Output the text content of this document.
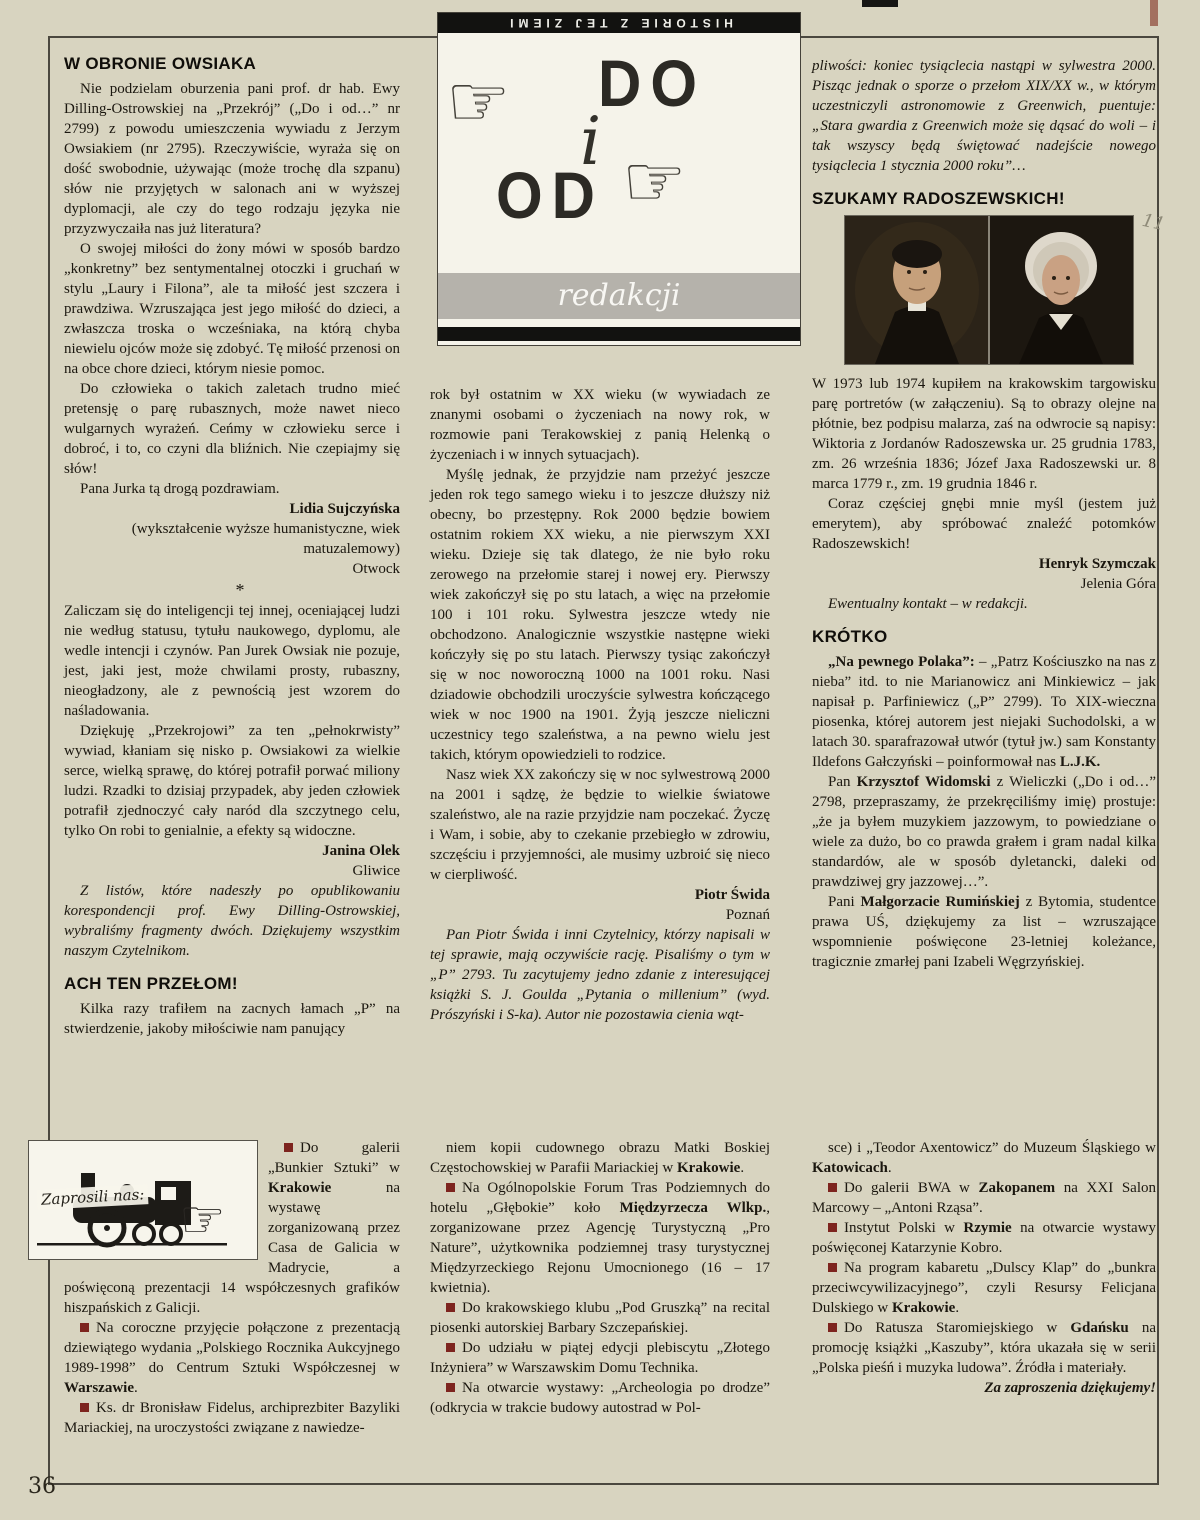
11
HISTORIE Z TEJ ZIEMI
☞ DO
i
OD ☞
redakcji
W OBRONIE OWSIAKA

Nie podzielam oburzenia pani prof. dr hab. Ewy Dilling-Ostrowskiej na „Przekrój” („Do i od…” nr 2799) z powodu umieszczenia wywiadu z Jerzym Owsiakiem (nr 2795). Rzeczywiście, wyraża się on dość swobodnie, używając (może trochę dla szpanu) słów nie przyjętych w salonach ani w wyższej dyplomacji, ale czy do tego rodzaju języka nie przyzwyczaiła nas już literatura?

O swojej miłości do żony mówi w sposób bardzo „konkretny” bez sentymentalnej otoczki i gruchań w stylu „Laury i Filona”, ale ta miłość jest szczera i prawdziwa. Wzruszająca jest jego miłość do dzieci, a zwłaszcza troska o wcześniaka, na którą chyba niewielu ojców może się zdobyć. Tę miłość przenosi on na obce chore dzieci, którym niesie pomoc.

Do człowieka o takich zaletach trudno mieć pretensję o parę rubasznych, może nawet nieco wulgarnych wyrażeń. Ceńmy w człowieku serce i dobroć, i to, co czyni dla bliźnich. Nie czepiajmy się słów!

Pana Jurka tą drogą pozdrawiam.

Lidia Sujczyńska

(wykształcenie wyższe humanistyczne, wiek matuzalemowy)

Otwock

*

Zaliczam się do inteligencji tej innej, oceniającej ludzi nie według statusu, tytułu naukowego, dyplomu, ale wedle intencji i czynów. Pan Jurek Owsiak nie pozuje, jest, jaki jest, może chwilami prosty, rubaszny, nieogładzony, ale z pewnością jest wzorem do naśladowania.

Dziękuję „Przekrojowi” za ten „pełnokrwisty” wywiad, kłaniam się nisko p. Owsiakowi za wielkie serce, wielką sprawę, do której potrafił porwać miliony ludzi. Rzadki to dzisiaj przypadek, aby jeden człowiek potrafił zjednoczyć cały naród dla szczytnego celu, tylko On robi to genialnie, a efekty są widoczne.

Janina Olek

Gliwice

Z listów, które nadeszły po opublikowaniu korespondencji prof. Ewy Dilling-Ostrowskiej, wybraliśmy fragmenty dwóch. Dziękujemy wszystkim naszym Czytelnikom.

ACH TEN PRZEŁOM!

Kilka razy trafiłem na zacnych łamach „P” na stwierdzenie, jakoby miłościwie nam panujący

rok był ostatnim w XX wieku (w wywiadach ze znanymi osobami o życzeniach na nowy rok, w rozmowie pani Terakowskiej z panią Helenką o życzeniach i w innych sytuacjach).

Myślę jednak, że przyjdzie nam przeżyć jeszcze jeden rok tego samego wieku i to jeszcze dłuższy niż obecny, bo przestępny. Rok 2000 będzie bowiem ostatnim rokiem XX wieku, a nie pierwszym XXI wieku. Dzieje się tak dlatego, że nie było roku zerowego na przełomie starej i nowej ery. Pierwszy wiek zakończył się po stu latach, a więc na przełomie 100 i 101 roku. Sylwestra jeszcze wtedy nie obchodzono. Analogicznie wszystkie następne wieki kończyły się po stu latach. Pierwszy tysiąc zakończył się w noc noworoczną 1000 na 1001 roku. Nasi dziadowie obchodzili uroczyście sylwestra kończącego wiek w noc 1900 na 1901. Żyją jeszcze nieliczni uczestnicy tego szaleństwa, a na pewno wielu jest takich, którym opowiedzieli to rodzice.

Nasz wiek XX zakończy się w noc sylwestrową 2000 na 2001 i sądzę, że będzie to wielkie światowe szaleństwo, ale na razie przyjdzie nam poczekać. Życzę i Wam, i sobie, aby to czekanie przebiegło w zdrowiu, szczęściu i przyjemności, ale musimy uzbroić się nieco w cierpliwość.

Piotr Świda

Poznań

Pan Piotr Świda i inni Czytelnicy, którzy napisali w tej sprawie, mają oczywiście rację. Pisaliśmy o tym w „P” 2793. Tu zacytujemy jedno zdanie z interesującej książki S. J. Goulda „Pytania o millenium” (wyd. Prószyński i S-ka). Autor nie pozostawia cienia wąt-

pliwości: koniec tysiąclecia nastąpi w sylwestra 2000. Pisząc jednak o sporze o przełom XIX/XX w., w którym uczestniczyli astronomowie z Greenwich, puentuje: „Stara gwardia z Greenwich może się dąsać do woli – i tak wszyscy będą świętować nadejście nowego tysiąclecia 1 stycznia 2000 roku”…

SZUKAMY RADOSZEWSKICH!

W 1973 lub 1974 kupiłem na krakowskim targowisku parę portretów (w załączeniu). Są to obrazy olejne na płótnie, bez podpisu malarza, zaś na odwrocie są napisy: Wiktoria z Jordanów Radoszewska ur. 25 grudnia 1783, zm. 26 września 1836; Józef Jaxa Radoszewski ur. 8 marca 1779 r., zm. 19 grudnia 1846 r.

Coraz częściej gnębi mnie myśl (jestem już emerytem), aby spróbować znaleźć potomków Radoszewskich!

Henryk Szymczak

Jelenia Góra

Ewentualny kontakt – w redakcji.

KRÓTKO

„Na pewnego Polaka”: – „Patrz Kościuszko na nas z nieba” itd. to nie Marianowicz ani Minkiewicz – jak napisał p. Parfiniewicz („P” 2799). To XIX-wieczna piosenka, której autorem jest niejaki Suchodolski, a w latach 30. sparafrazował utwór (tytuł jw.) sam Konstanty Ildefons Gałczyński – poinformował nas L.J.K.

Pan Krzysztof Widomski z Wieliczki („Do i od…” 2798, przepraszamy, że przekręciliśmy imię) prostuje: „że ja byłem muzykiem jazzowym, to powiedziane o wiele za dużo, bo co prawda grałem i gram nadal kilka standardów, ale w sposób dyletancki, daleki od prawdziwej gry jazzowej…”.

Pani Małgorzacie Rumińskiej z Bytomia, studentce prawa UŚ, dziękujemy za list – wzruszające wspomnienie poświęcone 23-letniej koleżance, tragicznie zmarłej pani Izabeli Węgrzyńskiej.

☞
Zaprosili nas:

Do galerii „Bunkier Sztuki” w Krakowie na wystawę zorganizowaną przez Casa de Galicia w Madrycie, a poświęconą prezentacji 14 współczesnych grafików hiszpańskich z Galicji.

Na coroczne przyjęcie połączone z prezentacją dziewiątego wydania „Polskiego Rocznika Aukcyjnego 1989-1998” do Centrum Sztuki Współczesnej w Warszawie.

Ks. dr Bronisław Fidelus, archiprezbiter Bazyliki Mariackiej, na uroczystości związane z nawiedze-

niem kopii cudownego obrazu Matki Boskiej Częstochowskiej w Parafii Mariackiej w Krakowie.

Na Ogólnopolskie Forum Tras Podziemnych do hotelu „Głębokie” koło Międzyrzecza Wlkp., zorganizowane przez Agencję Turystyczną „Pro Nature”, użytkownika podziemnej trasy turystycznej Międzyrzeckiego Rejonu Umocnionego (16 – 17 kwietnia).

Do krakowskiego klubu „Pod Gruszką” na recital piosenki autorskiej Barbary Szczepańskiej.

Do udziału w piątej edycji plebiscytu „Złotego Inżyniera” w Warszawskim Domu Technika.

Na otwarcie wystawy: „Archeologia po drodze” (odkrycia w trakcie budowy autostrad w Pol-

sce) i „Teodor Axentowicz” do Muzeum Śląskiego w Katowicach.

Do galerii BWA w Zakopanem na XXI Salon Marcowy – „Antoni Rząsa”.

Instytut Polski w Rzymie na otwarcie wystawy poświęconej Katarzynie Kobro.

Na program kabaretu „Dulscy Klap” do „bunkra przeciwcywilizacyjnego”, czyli Resursy Felicjana Dulskiego w Krakowie.

Do Ratusza Staromiejskiego w Gdańsku na promocję książki „Kaszuby”, która ukazała się w serii „Polska pieśń i muzyka ludowa”. Źródła i materiały.

Za zaproszenia dziękujemy!

36
